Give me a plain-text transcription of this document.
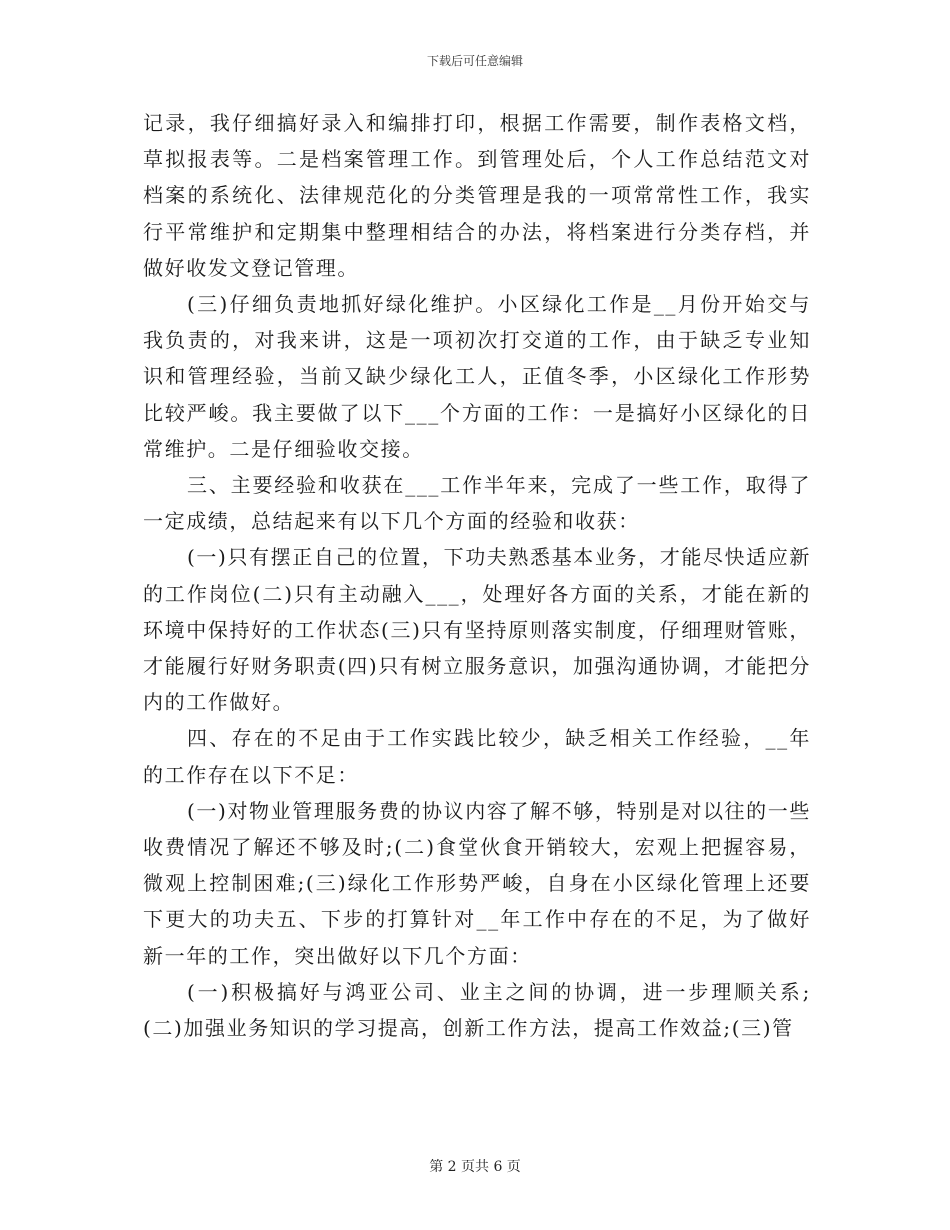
下载后可任意编辑

记录，我仔细搞好录入和编排打印，根据工作需要，制作表格文档，草拟报表等。二是档案管理工作。到管理处后，个人工作总结范文对档案的系统化、法律规范化的分类管理是我的一项常常性工作，我实行平常维护和定期集中整理相结合的办法，将档案进行分类存档，并做好收发文登记管理。

(三)仔细负责地抓好绿化维护。小区绿化工作是__月份开始交与我负责的，对我来讲，这是一项初次打交道的工作，由于缺乏专业知识和管理经验，当前又缺少绿化工人，正值冬季，小区绿化工作形势比较严峻。我主要做了以下___个方面的工作：一是搞好小区绿化的日常维护。二是仔细验收交接。

三、主要经验和收获在___工作半年来，完成了一些工作，取得了一定成绩，总结起来有以下几个方面的经验和收获：

(一)只有摆正自己的位置，下功夫熟悉基本业务，才能尽快适应新的工作岗位(二)只有主动融入___，处理好各方面的关系，才能在新的环境中保持好的工作状态(三)只有坚持原则落实制度，仔细理财管账，才能履行好财务职责(四)只有树立服务意识，加强沟通协调，才能把分内的工作做好。

四、存在的不足由于工作实践比较少，缺乏相关工作经验，__年的工作存在以下不足：

(一)对物业管理服务费的协议内容了解不够，特别是对以往的一些收费情况了解还不够及时;(二)食堂伙食开销较大，宏观上把握容易，微观上控制困难;(三)绿化工作形势严峻，自身在小区绿化管理上还要下更大的功夫五、下步的打算针对__年工作中存在的不足，为了做好新一年的工作，突出做好以下几个方面：

(一)积极搞好与鸿亚公司、业主之间的协调，进一步理顺关系;(二)加强业务知识的学习提高，创新工作方法，提高工作效益;(三)管

第 2 页共 6 页
